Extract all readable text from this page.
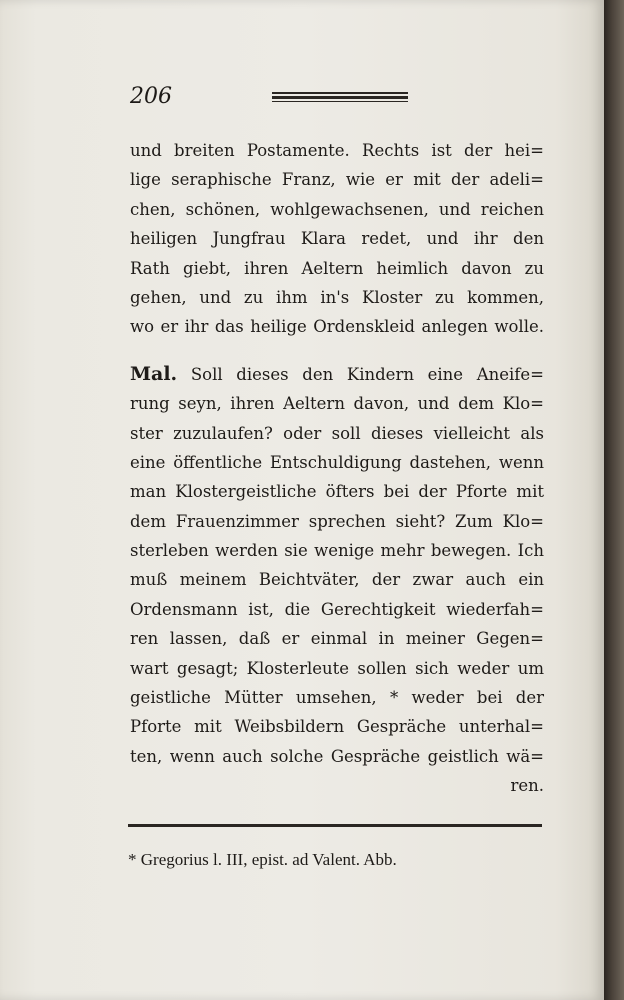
206
und breiten Postamente. Rechts ist der hei=
lige seraphische Franz, wie er mit der adeli=
chen, schönen, wohlgewachsenen, und reichen
heiligen Jungfrau Klara redet, und ihr den
Rath giebt, ihren Aeltern heimlich davon zu
gehen, und zu ihm in's Kloster zu kommen,
wo er ihr das heilige Ordenskleid anlegen wolle.
Mal. Soll dieses den Kindern eine Aneife=
rung seyn, ihren Aeltern davon, und dem Klo=
ster zuzulaufen? oder soll dieses vielleicht als
eine öffentliche Entschuldigung dastehen, wenn
man Klostergeistliche öfters bei der Pforte mit
dem Frauenzimmer sprechen sieht? Zum Klo=
sterleben werden sie wenige mehr bewegen. Ich
muß meinem Beichtväter, der zwar auch ein
Ordensmann ist, die Gerechtigkeit wiederfah=
ren lassen, daß er einmal in meiner Gegen=
wart gesagt; Klosterleute sollen sich weder um
geistliche Mütter umsehen, * weder bei der
Pforte mit Weibsbildern Gespräche unterhal=
ten, wenn auch solche Gespräche geistlich wä=
ren.
* Gregorius l. III, epist. ad Valent. Abb.
